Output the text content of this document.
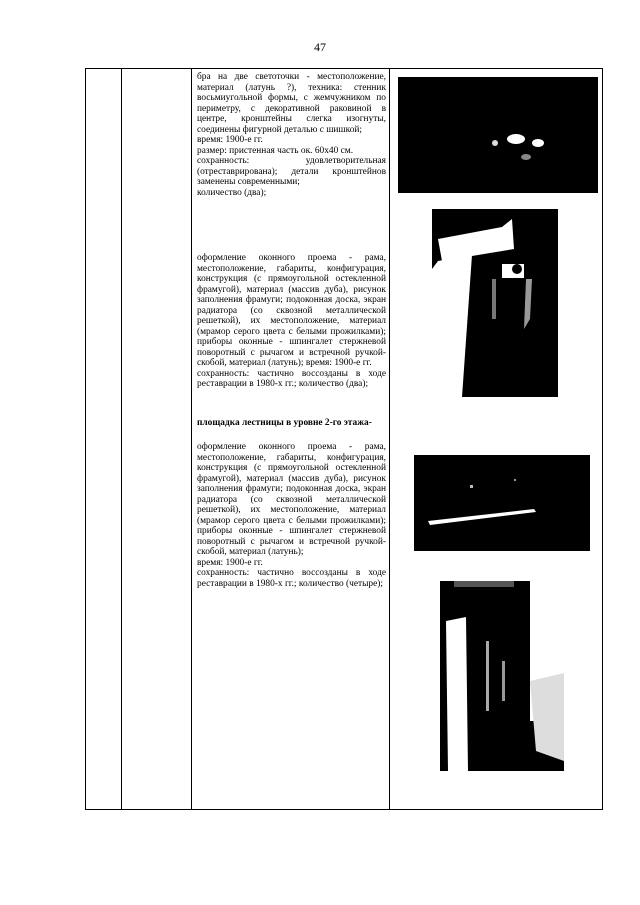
47

бра на две светоточки - местоположение, материал (латунь ?), техника: стенник восьмиугольной формы, с жемчужником по периметру, с декоративной раковиной в центре, кронштейны слегка изогнуты, соединены фигурной деталью с шишкой;

время: 1900-е гг.

размер: пристенная часть ок. 60х40 см.

сохранность: удовлетворительная (отреставрирована); детали кронштейнов заменены современными;

количество (два);

оформление оконного проема - рама, местоположение, габариты, конфигурация, конструкция (с прямоугольной остекленной фрамугой), материал (массив дуба), рисунок заполнения фрамуги; подоконная доска, экран радиатора (со сквозной металлической решеткой), их местоположение, материал (мрамор серого цвета с белыми прожилками); приборы оконные - шпингалет стержневой поворотный с рычагом и встречной ручкой-скобой, материал (латунь); время: 1900-е гг.

сохранность: частично воссозданы в ходе реставрации в 1980-х гг.; количество (два);

площадка лестницы в уровне 2-го этажа-

оформление оконного проема - рама, местоположение, габариты, конфигурация, конструкция (с прямоугольной остекленной фрамугой), материал (массив дуба), рисунок заполнения фрамуги; подоконная доска, экран радиатора (со сквозной металлической решеткой), их местоположение, материал (мрамор серого цвета с белыми прожилками); приборы оконные - шпингалет стержневой поворотный с рычагом и встречной ручкой-скобой, материал (латунь);

время: 1900-е гг.

сохранность: частично воссозданы в ходе реставрации в 1980-х гг.; количество (четыре);
